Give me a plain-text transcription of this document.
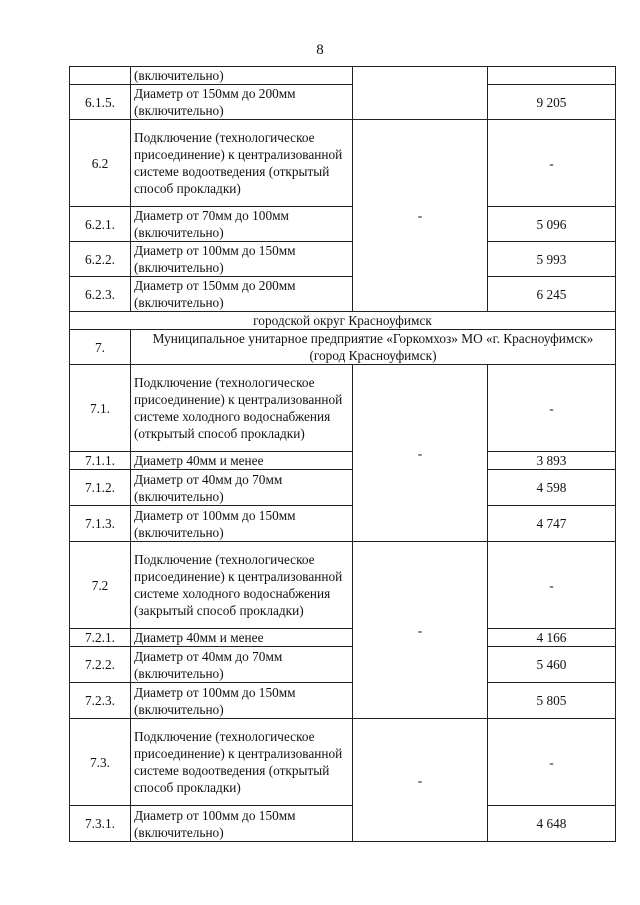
8
	(включительно)		
6.1.5.	Диаметр от 150мм до 200мм (включительно)		9 205
6.2	Подключение (технологическое присоединение) к централизованной системе водоотведения (открытый способ прокладки)	-	-
6.2.1.	Диаметр от 70мм до 100мм (включительно)		5 096
6.2.2.	Диаметр от 100мм до 150мм (включительно)		5 993
6.2.3.	Диаметр от 150мм до 200мм (включительно)		6 245
городской округ Красноуфимск			
7.	Муниципальное унитарное предприятие «Горкомхоз» МО «г. Красноуфимск» (город Красноуфимск)		
7.1.	Подключение (технологическое присоединение) к централизованной системе холодного водоснабжения (открытый способ прокладки)	-	-
7.1.1.	Диаметр 40мм и менее		3 893
7.1.2.	Диаметр от 40мм до 70мм (включительно)		4 598
7.1.3.	Диаметр от 100мм до 150мм (включительно)		4 747
7.2	Подключение (технологическое присоединение) к централизованной системе холодного водоснабжения (закрытый способ прокладки)	-	-
7.2.1.	Диаметр 40мм и менее		4 166
7.2.2.	Диаметр от 40мм до 70мм (включительно)		5 460
7.2.3.	Диаметр от 100мм до 150мм (включительно)		5 805
7.3.	Подключение (технологическое присоединение) к централизованной системе водоотведения (открытый способ прокладки)	-	-
7.3.1.	Диаметр от 100мм до 150мм (включительно)		4 648
